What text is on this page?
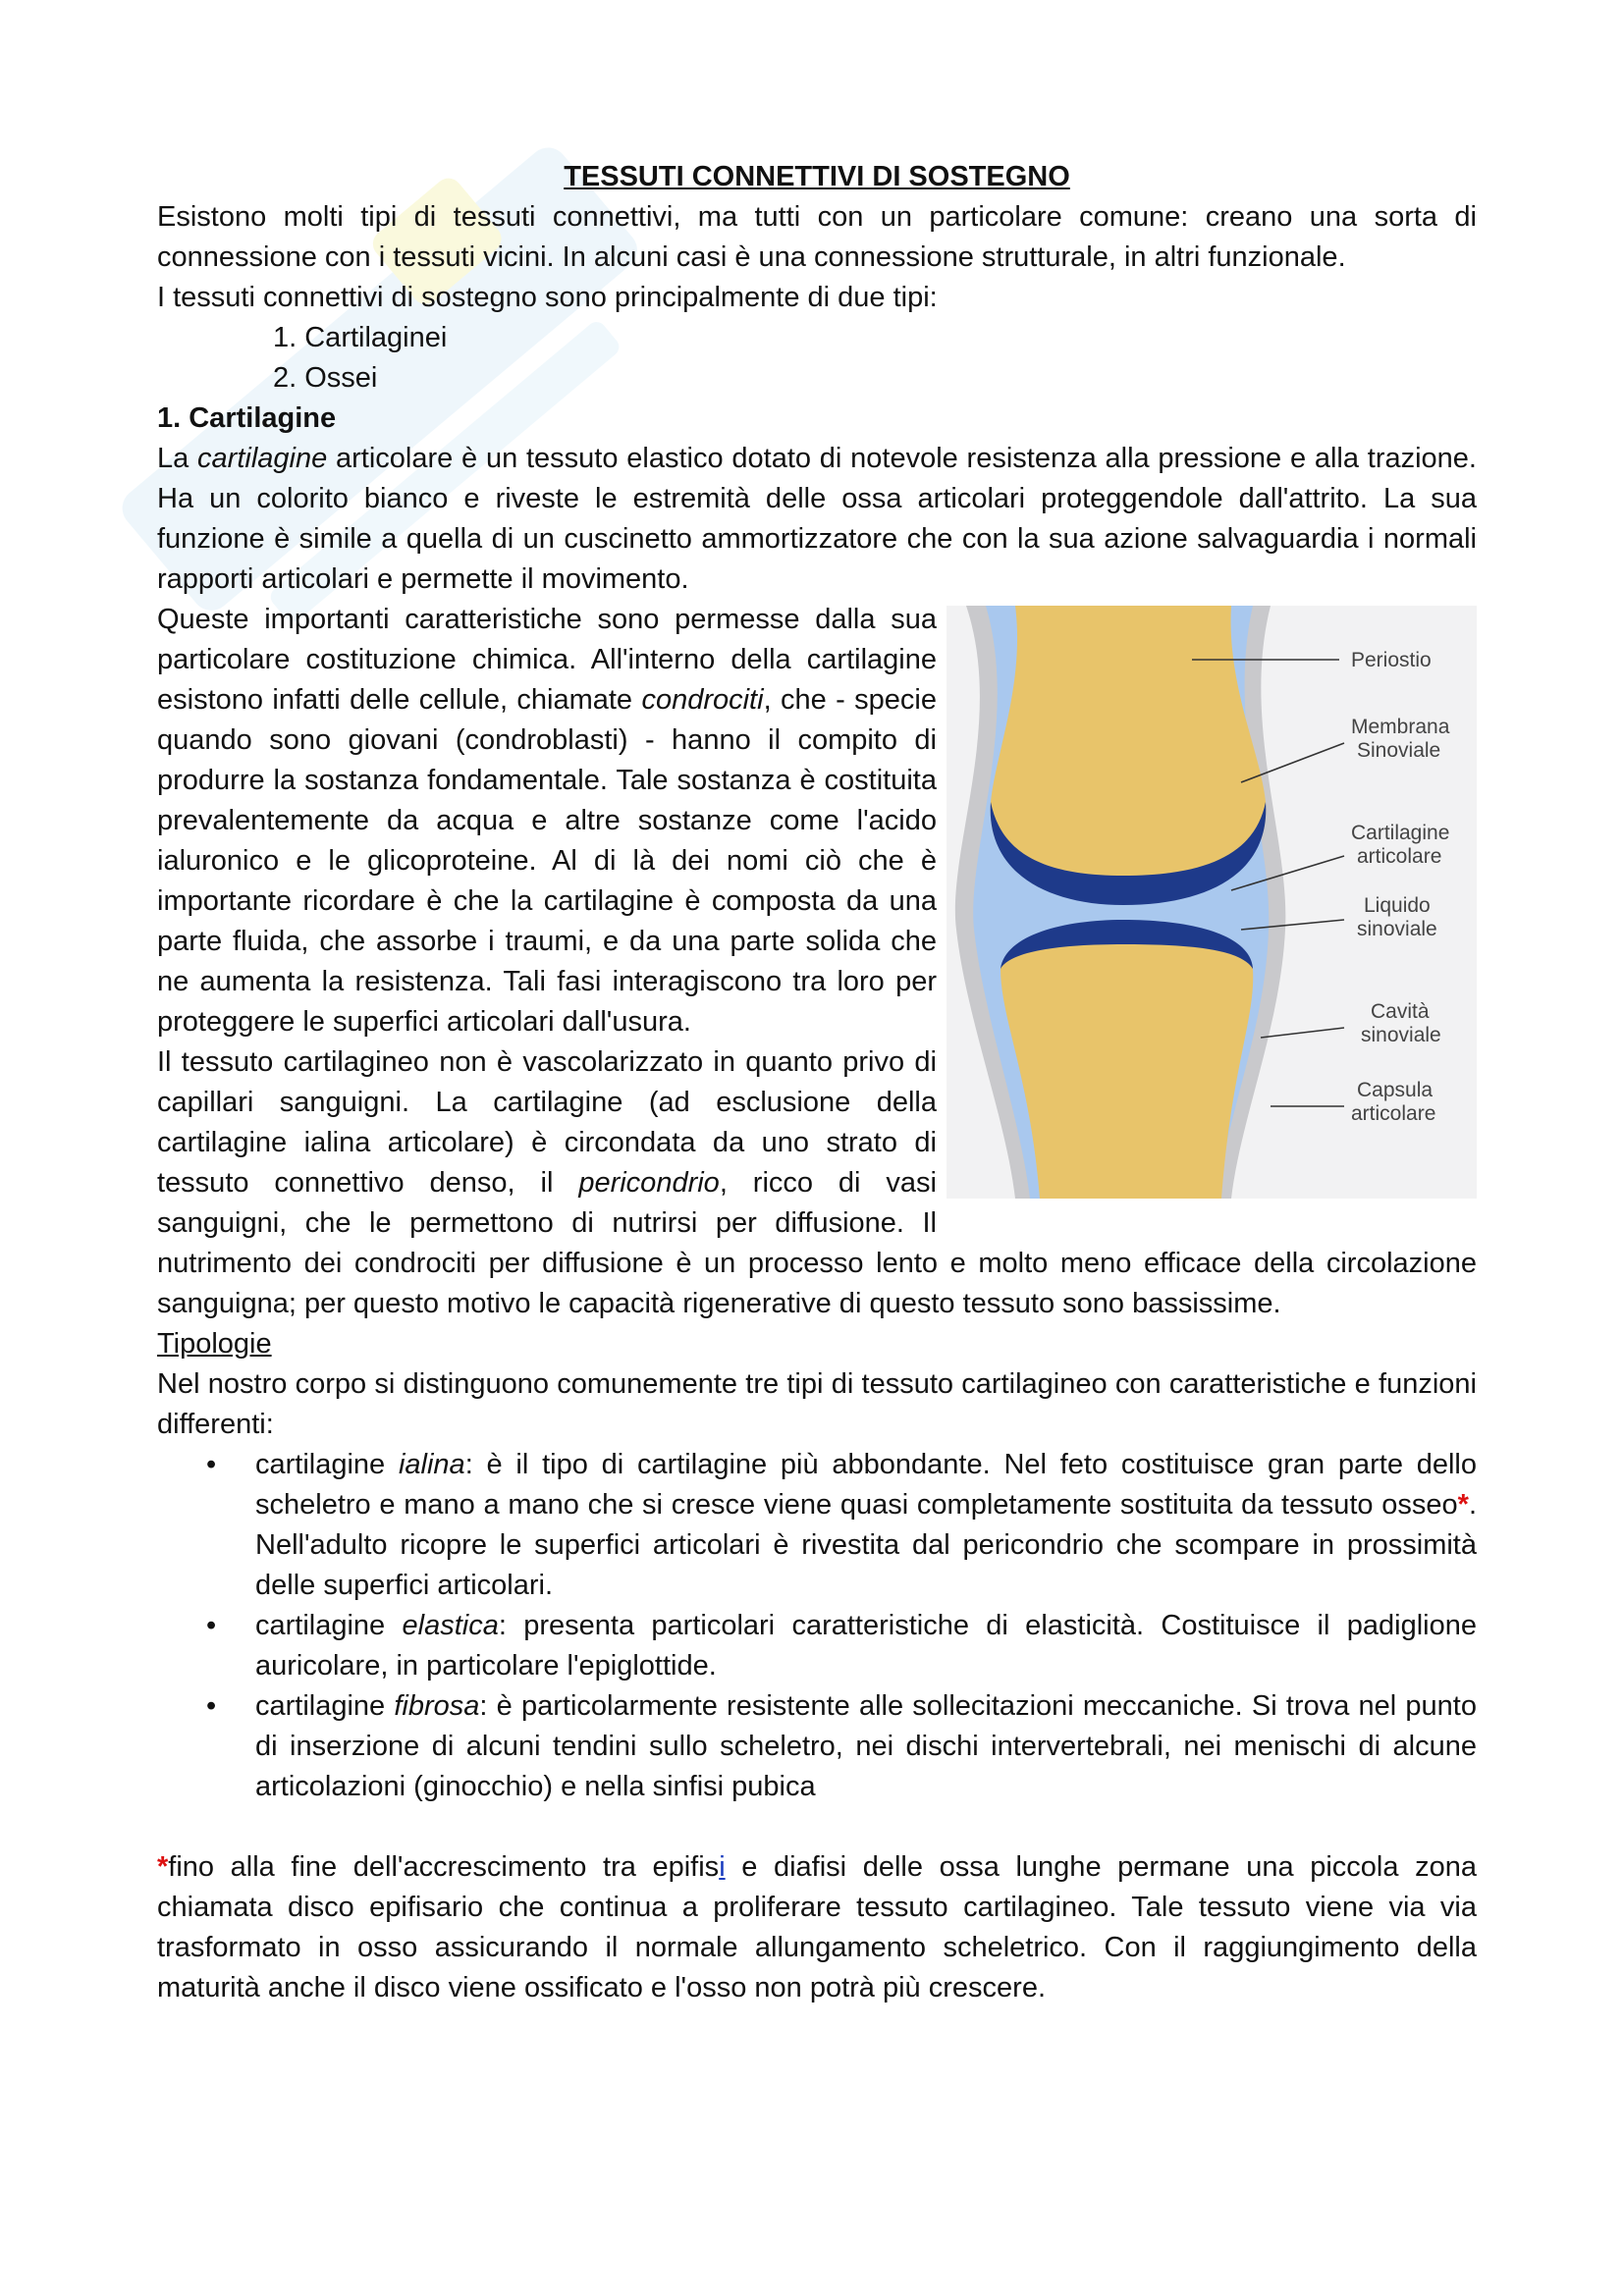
TESSUTI CONNETTIVI DI SOSTEGNO

Esistono molti tipi di tessuti connettivi, ma tutti con un particolare comune: creano una sorta di connessione con i tessuti vicini. In alcuni casi è una connessione strutturale, in altri funzionale.

I tessuti connettivi di sostegno sono principalmente di due tipi:

1. Cartilaginei
2. Ossei
1. Cartilagine

La cartilagine articolare è un tessuto elastico dotato di notevole resistenza alla pressione e alla trazione. Ha un colorito bianco e riveste le estremità delle ossa articolari proteggendole dall'attrito. La sua funzione è simile a quella di un cuscinetto ammortizzatore che con la sua azione salvaguardia i normali rapporti articolari e permette il movimento.

Periostio
Membrana
Sinoviale
Cartilagine
articolare
Liquido
sinoviale
Cavità
sinoviale
Capsula
articolare

Queste importanti caratteristiche sono permesse dalla sua particolare costituzione chimica. All'interno della cartilagine esistono infatti delle cellule, chiamate condrociti, che - specie quando sono giovani (condroblasti) - hanno il compito di produrre la sostanza fondamentale. Tale sostanza è costituita prevalentemente da acqua e altre sostanze come l'acido ialuronico e le glicoproteine. Al di là dei nomi ciò che è importante ricordare è che la cartilagine è composta da una parte fluida, che assorbe i traumi, e da una parte solida che ne aumenta la resistenza. Tali fasi interagiscono tra loro per proteggere le superfici articolari dall'usura.

Il tessuto cartilagineo non è vascolarizzato in quanto privo di capillari sanguigni. La cartilagine (ad esclusione della cartilagine ialina articolare) è circondata da uno strato di tessuto connettivo denso, il pericondrio, ricco di vasi sanguigni, che le permettono di nutrirsi per diffusione. Il nutrimento dei condrociti per diffusione è un processo lento e molto meno efficace della circolazione sanguigna; per questo motivo le capacità rigenerative di questo tessuto sono bassissime.

Tipologie

Nel nostro corpo si distinguono comunemente tre tipi di tessuto cartilagineo con caratteristiche e funzioni differenti:

• cartilagine ialina: è il tipo di cartilagine più abbondante. Nel feto costituisce gran parte dello scheletro e mano a mano che si cresce viene quasi completamente sostituita da tessuto osseo*. Nell'adulto ricopre le superfici articolari è rivestita dal pericondrio che scompare in prossimità delle superfici articolari.
• cartilagine elastica: presenta particolari caratteristiche di elasticità. Costituisce il padiglione auricolare, in particolare l'epiglottide.
• cartilagine fibrosa: è particolarmente resistente alle sollecitazioni meccaniche. Si trova nel punto di inserzione di alcuni tendini sullo scheletro, nei dischi intervertebrali, nei menischi di alcune articolazioni (ginocchio) e nella sinfisi pubica

*fino alla fine dell'accrescimento tra epifisi e diafisi delle ossa lunghe permane una piccola zona chiamata disco epifisario che continua a proliferare tessuto cartilagineo. Tale tessuto viene via via trasformato in osso assicurando il normale allungamento scheletrico. Con il raggiungimento della maturità anche il disco viene ossificato e l'osso non potrà più crescere.
